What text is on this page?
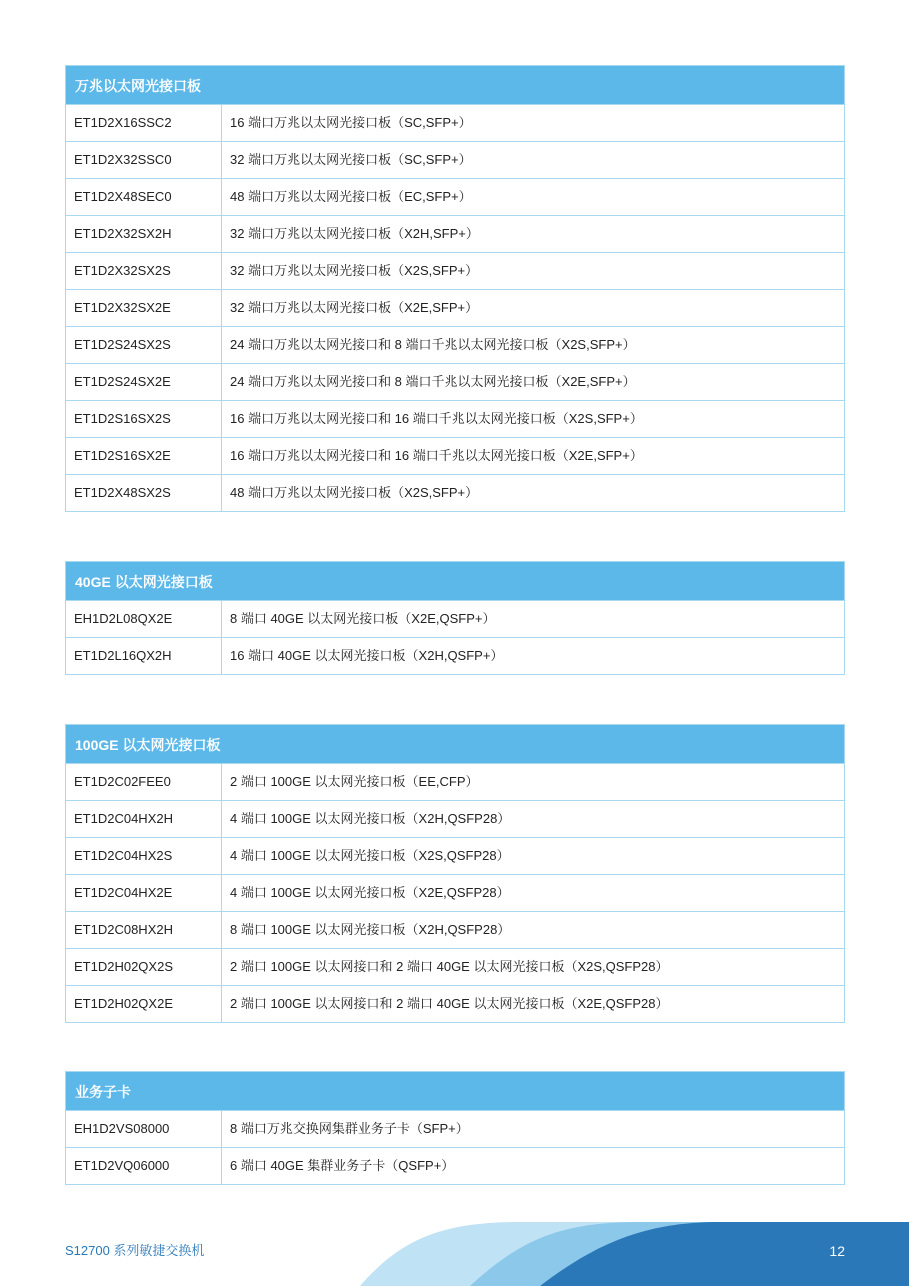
万兆以太网光接口板
ET1D2X16SSC2	16 端口万兆以太网光接口板（SC,SFP+）
ET1D2X32SSC0	32 端口万兆以太网光接口板（SC,SFP+）
ET1D2X48SEC0	48 端口万兆以太网光接口板（EC,SFP+）
ET1D2X32SX2H	32 端口万兆以太网光接口板（X2H,SFP+）
ET1D2X32SX2S	32 端口万兆以太网光接口板（X2S,SFP+）
ET1D2X32SX2E	32 端口万兆以太网光接口板（X2E,SFP+）
ET1D2S24SX2S	24 端口万兆以太网光接口和 8 端口千兆以太网光接口板（X2S,SFP+）
ET1D2S24SX2E	24 端口万兆以太网光接口和 8 端口千兆以太网光接口板（X2E,SFP+）
ET1D2S16SX2S	16 端口万兆以太网光接口和 16 端口千兆以太网光接口板（X2S,SFP+）
ET1D2S16SX2E	16 端口万兆以太网光接口和 16 端口千兆以太网光接口板（X2E,SFP+）
ET1D2X48SX2S	48 端口万兆以太网光接口板（X2S,SFP+）
40GE 以太网光接口板
EH1D2L08QX2E	8 端口 40GE 以太网光接口板（X2E,QSFP+）
ET1D2L16QX2H	16 端口 40GE 以太网光接口板（X2H,QSFP+）
100GE 以太网光接口板
ET1D2C02FEE0	2 端口 100GE 以太网光接口板（EE,CFP）
ET1D2C04HX2H	4 端口 100GE 以太网光接口板（X2H,QSFP28）
ET1D2C04HX2S	4 端口 100GE 以太网光接口板（X2S,QSFP28）
ET1D2C04HX2E	4 端口 100GE 以太网光接口板（X2E,QSFP28）
ET1D2C08HX2H	8 端口 100GE 以太网光接口板（X2H,QSFP28）
ET1D2H02QX2S	2 端口 100GE 以太网接口和 2 端口 40GE 以太网光接口板（X2S,QSFP28）
ET1D2H02QX2E	2 端口 100GE 以太网接口和 2 端口 40GE 以太网光接口板（X2E,QSFP28）
业务子卡
EH1D2VS08000	8 端口万兆交换网集群业务子卡（SFP+）
ET1D2VQ06000	6 端口 40GE 集群业务子卡（QSFP+）
S12700 系列敏捷交换机	12
